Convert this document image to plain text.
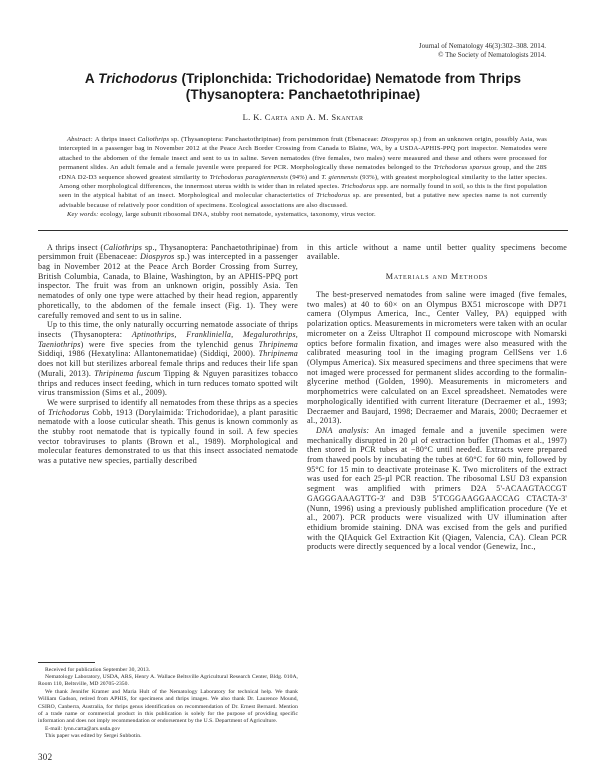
Journal of Nematology 46(3):302–308. 2014.
© The Society of Nematologists 2014.
A Trichodorus (Triplonchida: Trichodoridae) Nematode from Thrips
(Thysanoptera: Panchaetothripinae)
L. K. Carta and A. M. Skantar

Abstract: A thrips insect Caliothrips sp. (Thysanoptera: Panchaetothripinae) from persimmon fruit (Ebenaceae: Diospyros sp.) from an unknown origin, possibly Asia, was intercepted in a passenger bag in November 2012 at the Peace Arch Border Crossing from Canada to Blaine, WA, by a USDA-APHIS-PPQ port inspector. Nematodes were attached to the abdomen of the female insect and sent to us in saline. Seven nematodes (five females, two males) were measured and these and others were processed for permanent slides. An adult female and a female juvenile were prepared for PCR. Morphologically these nematodes belonged to the Trichodorus sparsus group, and the 28S rDNA D2-D3 sequence showed greatest similarity to Trichodorus paragiennensis (94%) and T. giennensis (93%), with greatest morphological similarity to the latter species. Among other morphological differences, the innermost uterus width is wider than in related species. Trichodorus spp. are normally found in soil, so this is the first population seen in the atypical habitat of an insect. Morphological and molecular characteristics of Trichodorus sp. are presented, but a putative new species name is not currently advisable because of relatively poor condition of specimens. Ecological associations are also discussed.

Key words: ecology, large subunit ribosomal DNA, stubby root nematode, systematics, taxonomy, virus vector.

A thrips insect (Caliothrips sp., Thysanoptera: Panchaetothripinae) from persimmon fruit (Ebenaceae: Diospyros sp.) was intercepted in a passenger bag in November 2012 at the Peace Arch Border Crossing from Surrey, British Columbia, Canada, to Blaine, Washington, by an APHIS-PPQ port inspector. The fruit was from an unknown origin, possibly Asia. Ten nematodes of only one type were attached by their head region, apparently phoretically, to the abdomen of the female insect (Fig. 1). They were carefully removed and sent to us in saline.

Up to this time, the only naturally occurring nematode associate of thrips insects (Thysanoptera: Aptinothrips, Frankliniella, Megalurothrips, Taeniothrips) were five species from the tylenchid genus Thripinema Siddiqi, 1986 (Hexatylina: Allantonematidae) (Siddiqi, 2000). Thripinema does not kill but sterilizes arboreal female thrips and reduces their life span (Murali, 2013). Thripinema fuscum Tipping & Nguyen parasitizes tobacco thrips and reduces insect feeding, which in turn reduces tomato spotted wilt virus transmission (Sims et al., 2009).

We were surprised to identify all nematodes from these thrips as a species of Trichodorus Cobb, 1913 (Dorylaimida: Trichodoridae), a plant parasitic nematode with a loose cuticular sheath. This genus is known commonly as the stubby root nematode that is typically found in soil. A few species vector tobraviruses to plants (Brown et al., 1989). Morphological and molecular features demonstrated to us that this insect associated nematode was a putative new species, partially described

Received for publication September 30, 2013.

Nematology Laboratory, USDA, ARS, Henry A. Wallace Beltsville Agricultural Research Center, Bldg. 010A, Room 110, Beltsville, MD 20705-2350.

We thank Jennifer Kramer and Maria Hult of the Nematology Laboratory for technical help. We thank William Gadson, retired from APHIS, for specimens and thrips images. We also thank Dr. Laurence Mound, CSIRO, Canberra, Australia, for thrips genus identification on recommendation of Dr. Ernest Bernard. Mention of a trade name or commercial product in this publication is solely for the purpose of providing specific information and does not imply recommendation or endorsement by the U.S. Department of Agriculture.

E-mail: lynn.carta@ars.usda.gov

This paper was edited by Sergei Subbotin.

in this article without a name until better quality specimens become available.

Materials and Methods

The best-preserved nematodes from saline were imaged (five females, two males) at 40 to 60× on an Olympus BX51 microscope with DP71 camera (Olympus America, Inc., Center Valley, PA) equipped with polarization optics. Measurements in micrometers were taken with an ocular micrometer on a Zeiss Ultraphot II compound microscope with Nomarski optics before formalin fixation, and images were also measured with the calibrated measuring tool in the imaging program CellSens ver 1.6 (Olympus America). Six measured specimens and three specimens that were not imaged were processed for permanent slides according to the formalin-glycerine method (Golden, 1990). Measurements in micrometers and morphometrics were calculated on an Excel spreadsheet. Nematodes were morphologically identified with current literature (Decraemer et al., 1993; Decraemer and Baujard, 1998; Decraemer and Marais, 2000; Decraemer et al., 2013).

DNA analysis: An imaged female and a juvenile specimen were mechanically disrupted in 20 µl of extraction buffer (Thomas et al., 1997) then stored in PCR tubes at −80°C until needed. Extracts were prepared from thawed pools by incubating the tubes at 60°C for 60 min, followed by 95°C for 15 min to deactivate proteinase K. Two microliters of the extract was used for each 25-µl PCR reaction. The ribosomal LSU D3 expansion segment was amplified with primers D2A 5'-ACAAGTACCGT GAGGGAAAGTTG-3' and D3B 5'TCGGAAGGAACCAG CTACTA-3' (Nunn, 1996) using a previously published amplification procedure (Ye et al., 2007). PCR products were visualized with UV illumination after ethidium bromide staining. DNA was excised from the gels and purified with the QIAquick Gel Extraction Kit (Qiagen, Valencia, CA). Clean PCR products were directly sequenced by a local vendor (Genewiz, Inc.,

302
